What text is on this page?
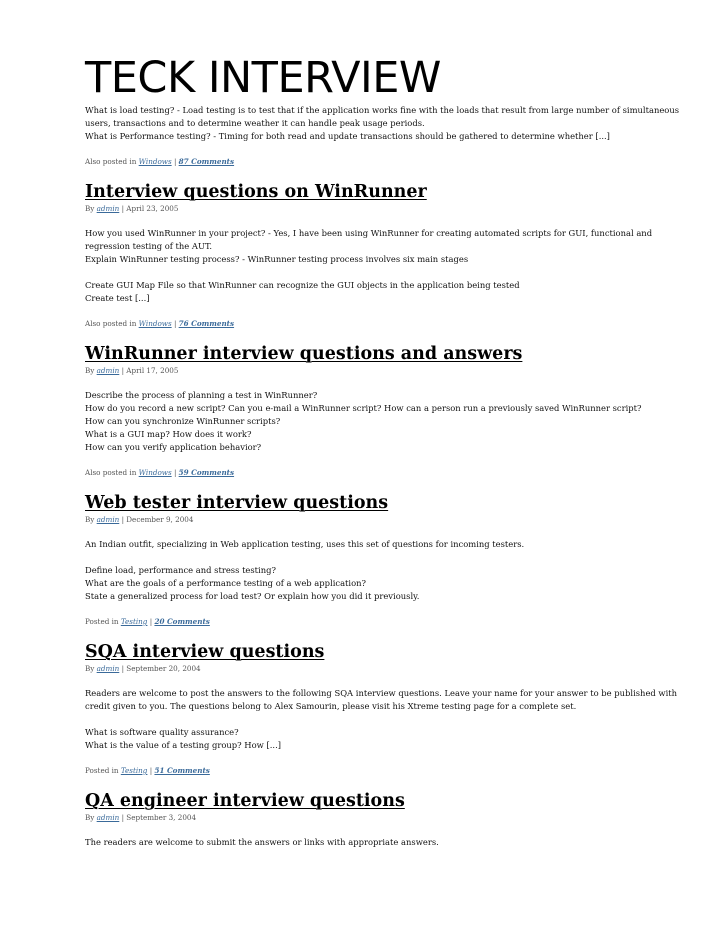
TECK INTERVIEW

What is load testing? - Load testing is to test that if the application works fine with the loads that result from large number of simultaneous

users, transactions and to determine weather it can handle peak usage periods.

What is Performance testing? - Timing for both read and update transactions should be gathered to determine whether [...]

Also posted in Windows | 87 Comments

Interview questions on WinRunner

By admin | April 23, 2005

How you used WinRunner in your project? - Yes, I have been using WinRunner for creating automated scripts for GUI, functional and

regression testing of the AUT.

Explain WinRunner testing process? - WinRunner testing process involves six main stages

Create GUI Map File so that WinRunner can recognize the GUI objects in the application being tested

Create test [...]

Also posted in Windows | 76 Comments

WinRunner interview questions and answers

By admin | April 17, 2005

Describe the process of planning a test in WinRunner?

How do you record a new script? Can you e-mail a WinRunner script? How can a person run a previously saved WinRunner script?

How can you synchronize WinRunner scripts?

What is a GUI map? How does it work?

How can you verify application behavior?

Also posted in Windows | 59 Comments

Web tester interview questions

By admin | December 9, 2004

An Indian outfit, specializing in Web application testing, uses this set of questions for incoming testers.

Define load, performance and stress testing?

What are the goals of a performance testing of a web application?

State a generalized process for load test? Or explain how you did it previously.

Posted in Testing | 20 Comments

SQA interview questions

By admin | September 20, 2004

Readers are welcome to post the answers to the following SQA interview questions. Leave your name for your answer to be published with

credit given to you. The questions belong to Alex Samourin, please visit his Xtreme testing page for a complete set.

What is software quality assurance?

What is the value of a testing group? How [...]

Posted in Testing | 51 Comments

QA engineer interview questions

By admin | September 3, 2004

The readers are welcome to submit the answers or links with appropriate answers.
